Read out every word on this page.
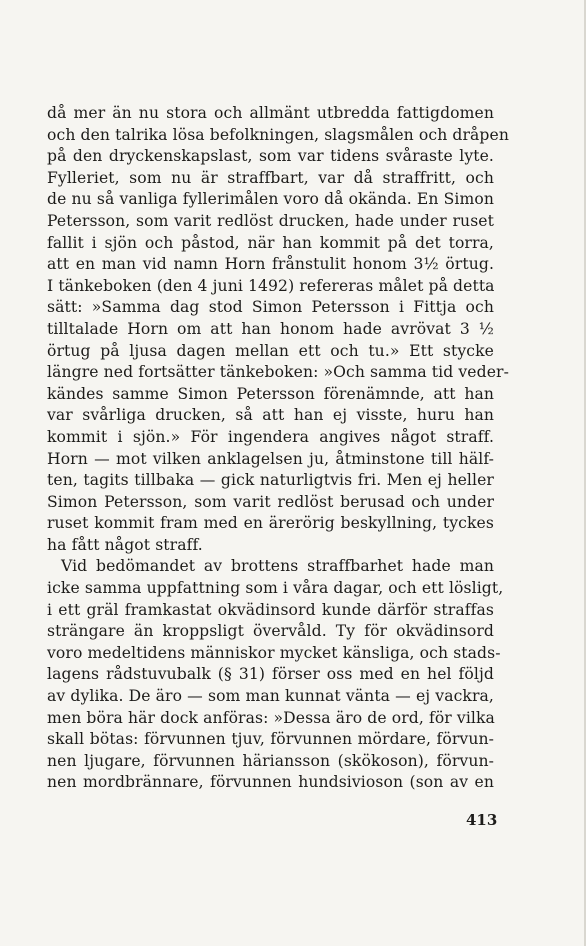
då mer än nu stora och allmänt utbredda fattigdomen
och den talrika lösa befolkningen, slagsmålen och dråpen
på den dryckenskapslast, som var tidens svåraste lyte.
Fylleriet, som nu är straffbart, var då straffritt, och
de nu så vanliga fyllerimålen voro då okända. En Simon
Petersson, som varit redlöst drucken, hade under ruset
fallit i sjön och påstod, när han kommit på det torra,
att en man vid namn Horn frånstulit honom 3½ örtug.
I tänkeboken (den 4 juni 1492) refereras målet på detta
sätt: »Samma dag stod Simon Petersson i Fittja och
tilltalade Horn om att han honom hade avrövat 3 ½
örtug på ljusa dagen mellan ett och tu.» Ett stycke
längre ned fortsätter tänkeboken: »Och samma tid veder-
kändes samme Simon Petersson förenämnde, att han
var svårliga drucken, så att han ej visste, huru han
kommit i sjön.» För ingendera angives något straff.
Horn — mot vilken anklagelsen ju, åtminstone till hälf-
ten, tagits tillbaka — gick naturligtvis fri. Men ej heller
Simon Petersson, som varit redlöst berusad och under
ruset kommit fram med en ärerörig beskyllning, tyckes
ha fått något straff.
Vid bedömandet av brottens straffbarhet hade man
icke samma uppfattning som i våra dagar, och ett lösligt,
i ett gräl framkastat okvädinsord kunde därför straffas
strängare än kroppsligt övervåld. Ty för okvädinsord
voro medeltidens människor mycket känsliga, och stads-
lagens rådstuvubalk (§ 31) förser oss med en hel följd
av dylika. De äro — som man kunnat vänta — ej vackra,
men böra här dock anföras: »Dessa äro de ord, för vilka
skall bötas: förvunnen tjuv, förvunnen mördare, förvun-
nen ljugare, förvunnen häriansson (skökoson), förvun-
nen mordbrännare, förvunnen hundsivioson (son av en
413
